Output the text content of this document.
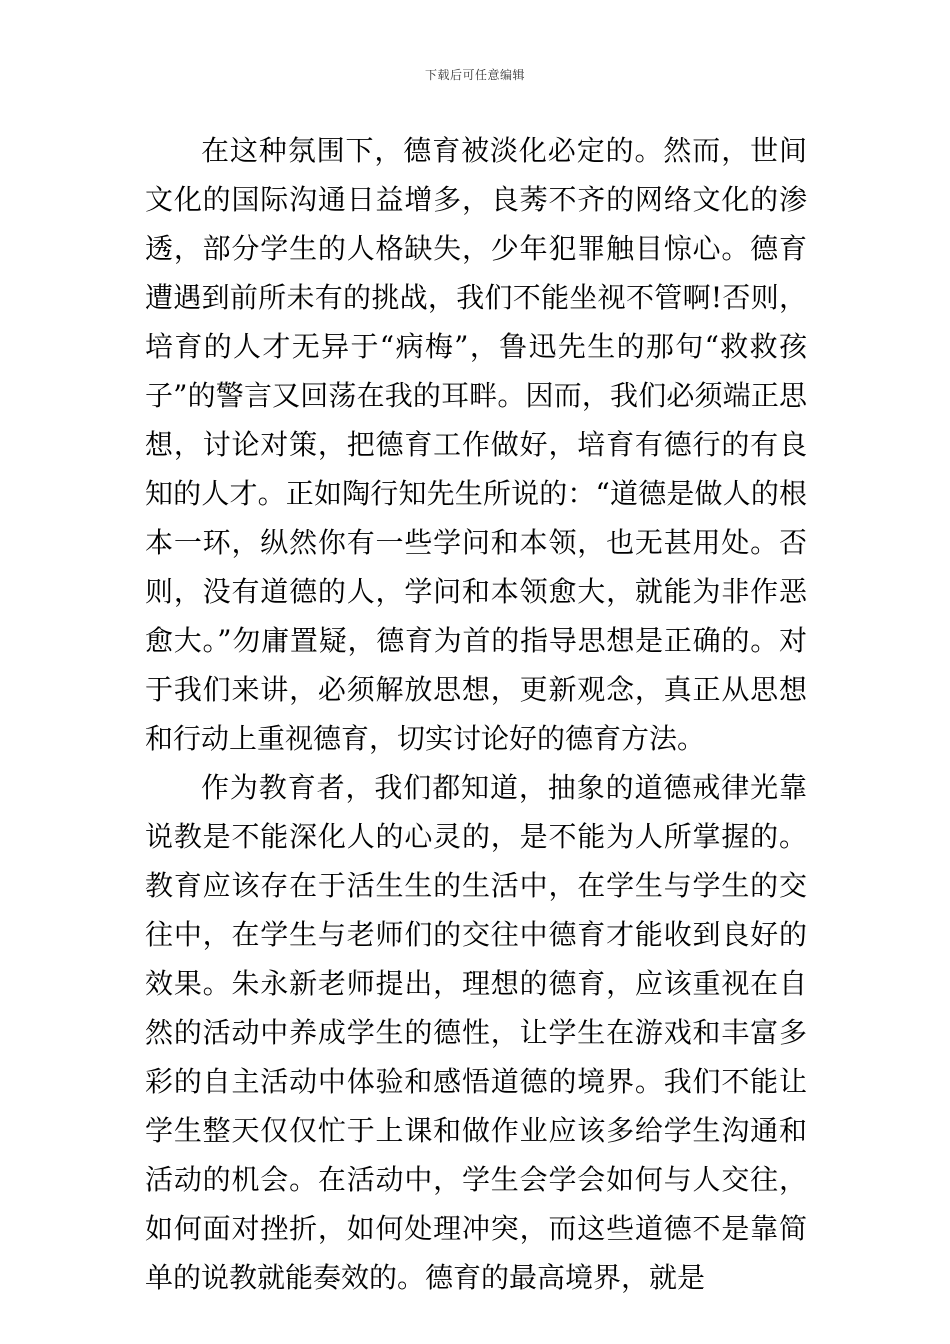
下载后可任意编辑

在这种氛围下，德育被淡化必定的。然而，世间文化的国际沟通日益增多，良莠不齐的网络文化的渗透，部分学生的人格缺失，少年犯罪触目惊心。德育遭遇到前所未有的挑战，我们不能坐视不管啊!否则，培育的人才无异于“病梅”，鲁迅先生的那句“救救孩子”的警言又回荡在我的耳畔。因而，我们必须端正思想，讨论对策，把德育工作做好，培育有德行的有良知的人才。正如陶行知先生所说的：“道德是做人的根本一环，纵然你有一些学问和本领，也无甚用处。否则，没有道德的人，学问和本领愈大，就能为非作恶愈大。”勿庸置疑，德育为首的指导思想是正确的。对于我们来讲，必须解放思想，更新观念，真正从思想和行动上重视德育，切实讨论好的德育方法。

作为教育者，我们都知道，抽象的道德戒律光靠说教是不能深化人的心灵的，是不能为人所掌握的。教育应该存在于活生生的生活中，在学生与学生的交往中，在学生与老师们的交往中德育才能收到良好的效果。朱永新老师提出，理想的德育，应该重视在自然的活动中养成学生的德性，让学生在游戏和丰富多彩的自主活动中体验和感悟道德的境界。我们不能让学生整天仅仅忙于上课和做作业应该多给学生沟通和活动的机会。在活动中，学生会学会如何与人交往，如何面对挫折，如何处理冲突，而这些道德不是靠简单的说教就能奏效的。德育的最高境界，就是
